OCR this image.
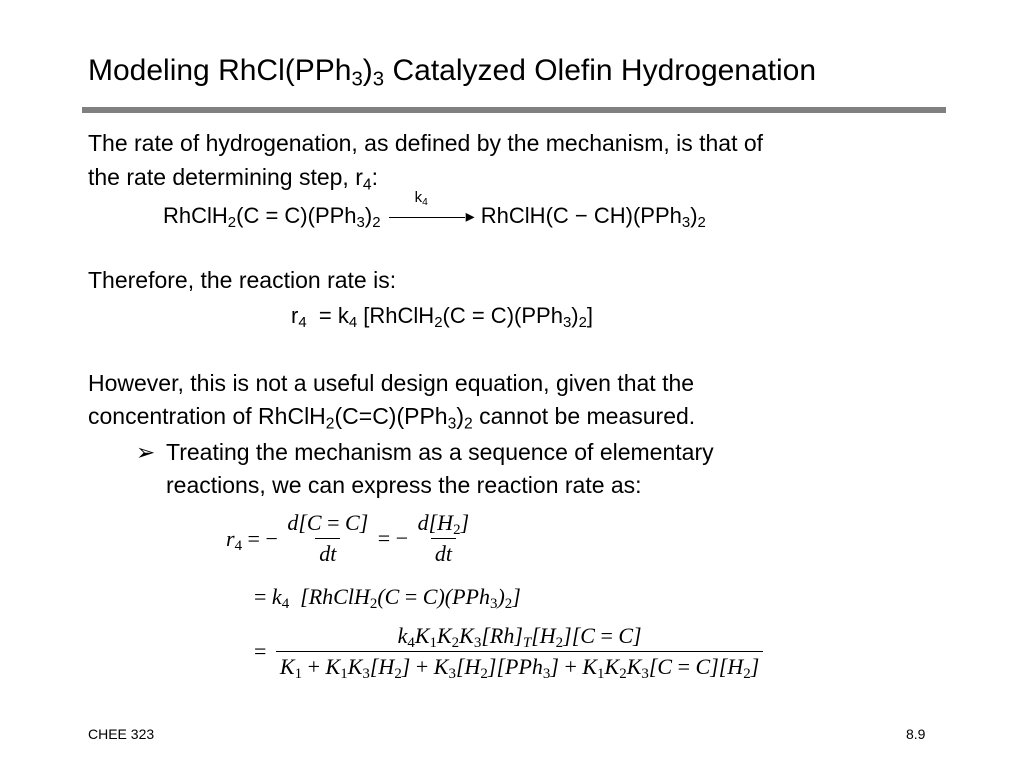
Modeling $RhCl(PPh_3)_3$ Catalyzed Olefin Hydrogenation
The rate of hydrogenation, as defined by the mechanism, is that of
the rate determining step, $r_4$:
RhClH$_2$(C = $C)(PPh_3)_2$
$k_4$
▸ RhClH(C − $CH)(PPh_3)_2$
Therefore, the reaction rate is:
$r_4 = k_4$ [RhClH$_2$(C = $C)(PPh_3)_2$]
However, this is not a useful design equation, given that the
concentration of $RhClH_2(C=C)(PPh_3)_2$ cannot be measured.
➢ Treating the mechanism as a sequence of elementary
reactions, we can express the reaction rate as:
$r_4$ = − $\frac{d[C = C]}{dt}$ = − $\frac{d[H_2]}{dt}$
= $k_4$  [RhClH$_2$(C = $C)(PPh_3)_2$]
= $\frac{k_4K_1K_2K_3[Rh]_T[H_2][C = C]}{K_1 + K_1K_3[H_2] + K_3[H_2][PPh_3] + K_1K_2K_3[C = C][H_2]}$
CHEE 323	8.9
